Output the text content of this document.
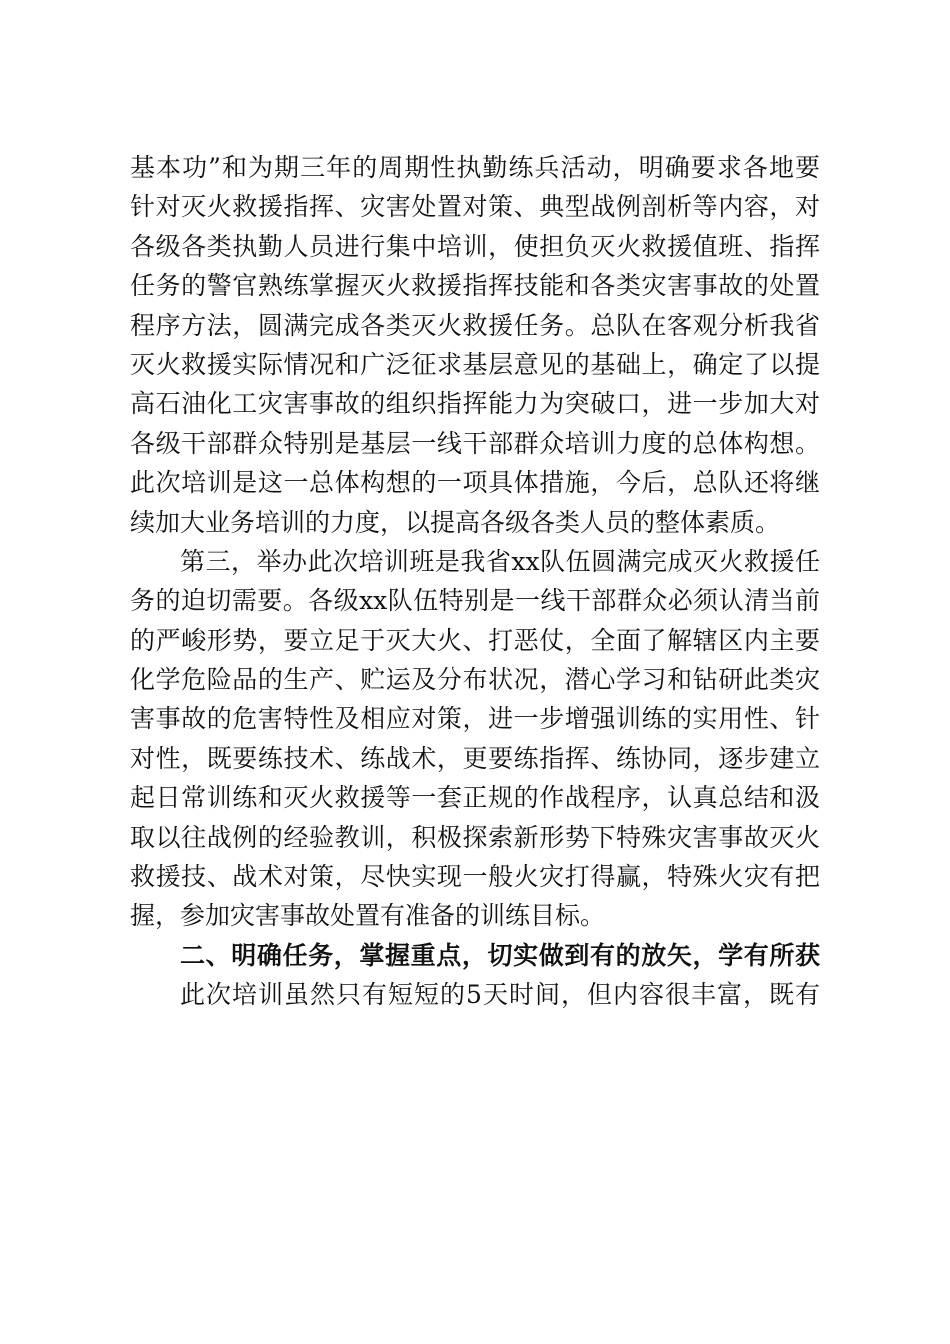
基本功”和为期三年的周期性执勤练兵活动，明确要求各地要
针对灭火救援指挥、灾害处置对策、典型战例剖析等内容，对
各级各类执勤人员进行集中培训，使担负灭火救援值班、指挥
任务的警官熟练掌握灭火救援指挥技能和各类灾害事故的处置
程序方法，圆满完成各类灭火救援任务。总队在客观分析我省
灭火救援实际情况和广泛征求基层意见的基础上，确定了以提
高石油化工灾害事故的组织指挥能力为突破口，进一步加大对
各级干部群众特别是基层一线干部群众培训力度的总体构想。
此次培训是这一总体构想的一项具体措施，今后，总队还将继
续加大业务培训的力度，以提高各级各类人员的整体素质。
第三，举办此次培训班是我省xx队伍圆满完成灭火救援任
务的迫切需要。各级xx队伍特别是一线干部群众必须认清当前
的严峻形势，要立足于灭大火、打恶仗，全面了解辖区内主要
化学危险品的生产、贮运及分布状况，潜心学习和钻研此类灾
害事故的危害特性及相应对策，进一步增强训练的实用性、针
对性，既要练技术、练战术，更要练指挥、练协同，逐步建立
起日常训练和灭火救援等一套正规的作战程序，认真总结和汲
取以往战例的经验教训，积极探索新形势下特殊灾害事故灭火
救援技、战术对策，尽快实现一般火灾打得赢，特殊火灾有把
握，参加灾害事故处置有准备的训练目标。
二、明确任务，掌握重点，切实做到有的放矢，学有所获
此次培训虽然只有短短的5天时间，但内容很丰富，既有
